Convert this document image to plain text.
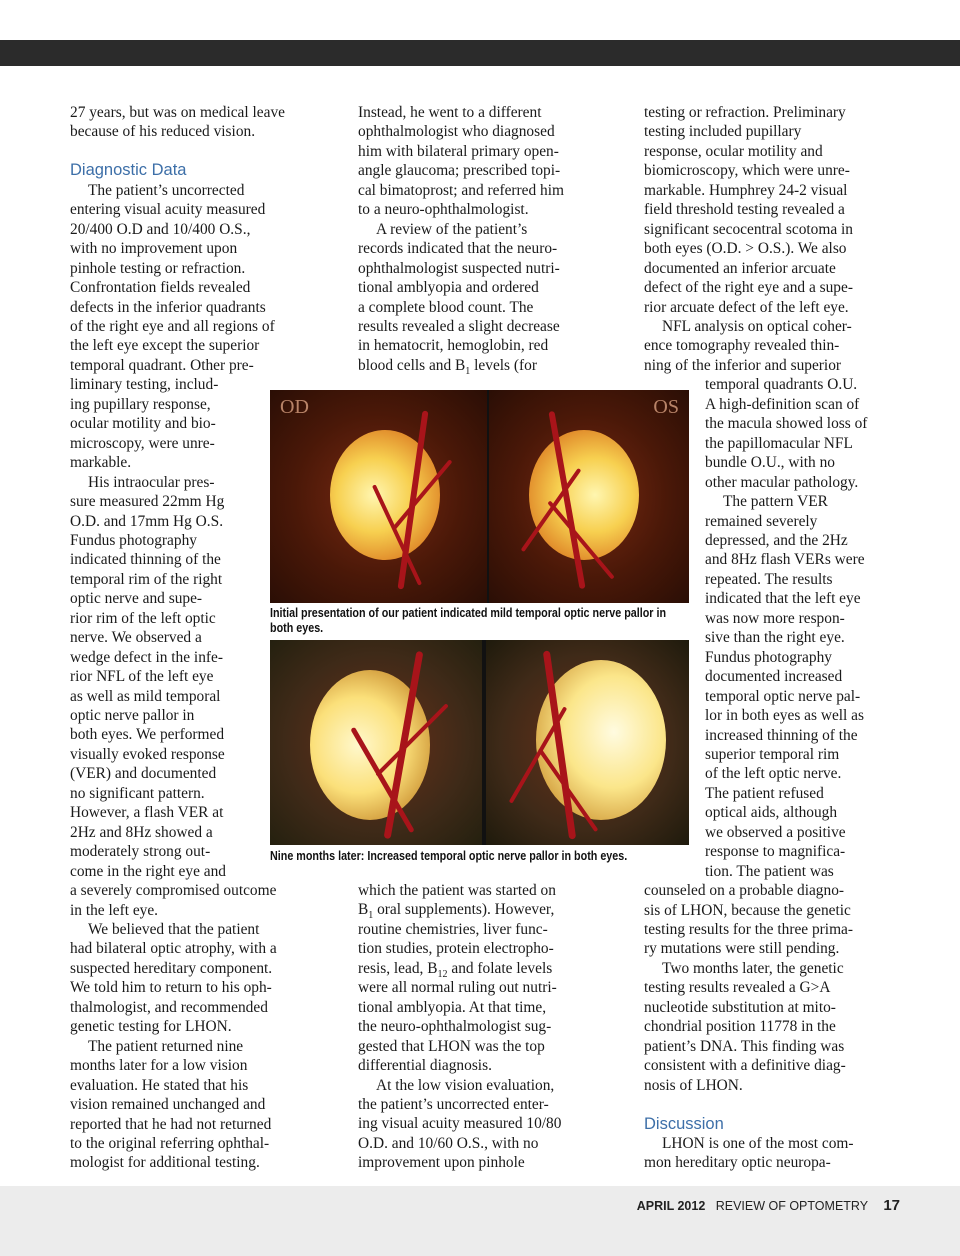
27 years, but was on medical leave
because of his reduced vision.

Diagnostic Data

The patient’s uncorrected
entering visual acuity measured
20/400 O.D and 10/400 O.S.,
with no improvement upon
pinhole testing or refraction.
Confrontation fields revealed
defects in the inferior quadrants
of the right eye and all regions of
the left eye except the superior
temporal quadrant. Other pre-
liminary testing, includ-
ing pupillary response,
ocular motility and bio-
microscopy, were unre-
markable.
His intraocular pres-
sure measured 22mm Hg
O.D. and 17mm Hg O.S.
Fundus photography
indicated thinning of the
temporal rim of the right
optic nerve and supe-
rior rim of the left optic
nerve. We observed a
wedge defect in the infe-
rior NFL of the left eye
as well as mild temporal
optic nerve pallor in
both eyes. We performed
visually evoked response
(VER) and documented
no significant pattern.
However, a flash VER at
2Hz and 8Hz showed a
moderately strong out-
come in the right eye and
a severely compromised outcome
in the left eye.
We believed that the patient
had bilateral optic atrophy, with a
suspected hereditary component.
We told him to return to his oph-
thalmologist, and recommended
genetic testing for LHON.
The patient returned nine
months later for a low vision
evaluation. He stated that his
vision remained unchanged and
reported that he had not returned
to the original referring ophthal-
mologist for additional testing.
Instead, he went to a different
ophthalmologist who diagnosed
him with bilateral primary open-
angle glaucoma; prescribed topi-
cal bimatoprost; and referred him
to a neuro-ophthalmologist.
A review of the patient’s
records indicated that the neuro-
ophthalmologist suspected nutri-
tional amblyopia and ordered
a complete blood count. The
results revealed a slight decrease
in hematocrit, hemoglobin, red
blood cells and $B_1$ levels (for
which the patient was started on
$B_1$ oral supplements). However,
routine chemistries, liver func-
tion studies, protein electropho-
resis, lead, $B_{12}$ and folate levels
were all normal ruling out nutri-
tional amblyopia. At that time,
the neuro-ophthalmologist sug-
gested that LHON was the top
differential diagnosis.
At the low vision evaluation,
the patient’s uncorrected enter-
ing visual acuity measured 10/80
O.D. and 10/60 O.S., with no
improvement upon pinhole
testing or refraction. Preliminary
testing included pupillary
response, ocular motility and
biomicroscopy, which were unre-
markable. Humphrey 24-2 visual
field threshold testing revealed a
significant secocentral scotoma in
both eyes (O.D. > O.S.). We also
documented an inferior arcuate
defect of the right eye and a supe-
rior arcuate defect of the left eye.
NFL analysis on optical coher-
ence tomography revealed thin-
ning of the inferior and superior
temporal quadrants O.U.
A high-definition scan of
the macula showed loss of
the papillomacular NFL
bundle O.U., with no
other macular pathology.
The pattern VER
remained severely
depressed, and the 2Hz
and 8Hz flash VERs were
repeated. The results
indicated that the left eye
was now more respon-
sive than the right eye.
Fundus photography
documented increased
temporal optic nerve pal-
lor in both eyes as well as
increased thinning of the
superior temporal rim
of the left optic nerve.
The patient refused
optical aids, although
we observed a positive
response to magnifica-
tion. The patient was
counseled on a probable diagno-
sis of LHON, because the genetic
testing results for the three prima-
ry mutations were still pending.
Two months later, the genetic
testing results revealed a G>A
nucleotide substitution at mito-
chondrial position 11778 in the
patient’s DNA. This finding was
consistent with a definitive diag-
nosis of LHON.

Discussion

LHON is one of the most com-
mon hereditary optic neuropa-
OD	OS
Initial presentation of our patient indicated mild temporal optic nerve pallor in both eyes.
Nine months later: Increased temporal optic nerve pallor in both eyes.
APRIL 2012 REVIEW OF OPTOMETRY 17
